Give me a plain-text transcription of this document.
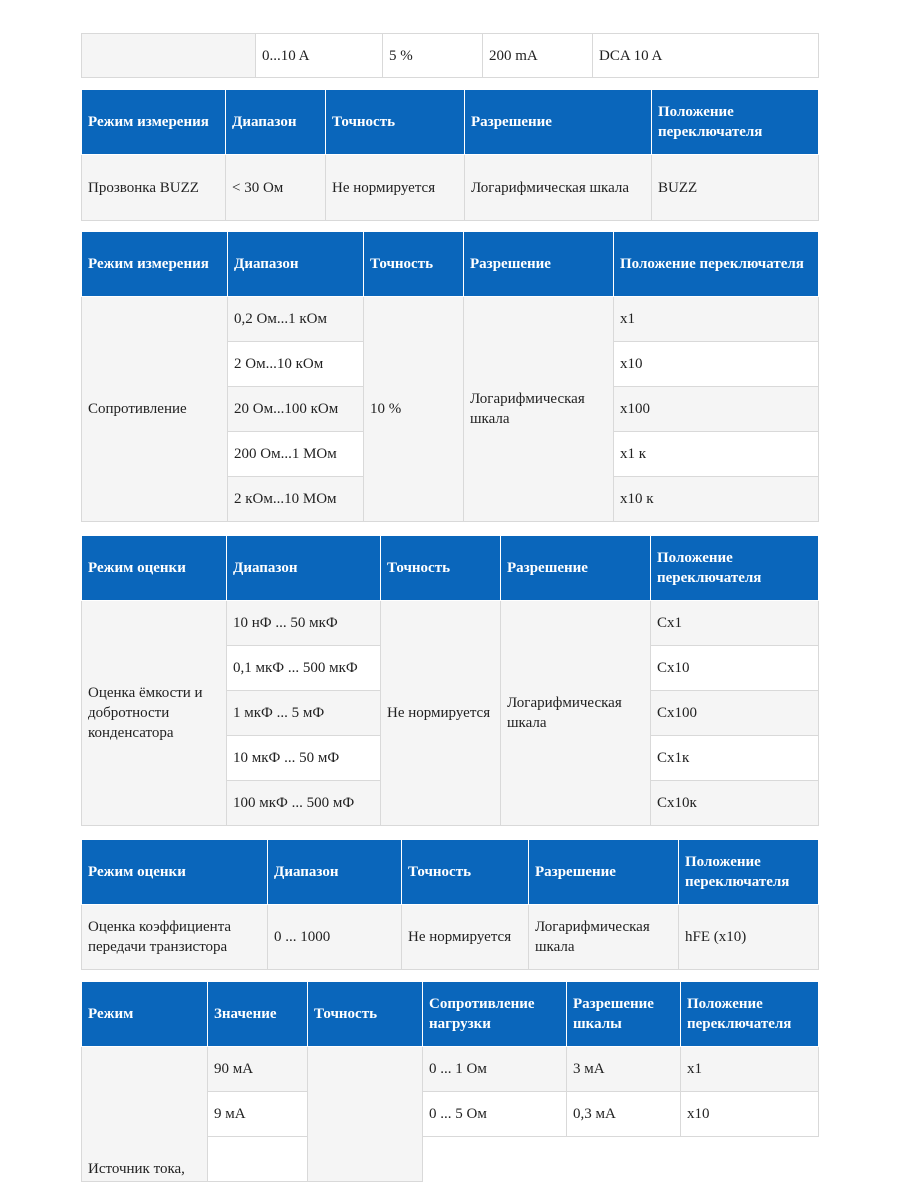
	0...10 A	5 %	200 mA	DCA 10 A
Режим измерения	Диапазон	Точность	Разрешение	Положение переключателя
Прозвонка BUZZ	< 30 Ом	Не нормируется	Логарифмическая шкала	BUZZ
Режим измерения	Диапазон	Точность	Разрешение	Положение переключателя
Сопротивление	0,2 Ом...1 кОм	10 %	Логарифмическая шкала	x1
	2 Ом...10 кОм			x10
	20 Ом...100 кОм			x100
	200 Ом...1 МОм			x1 к
	2 кОм...10 МОм			x10 к
Режим оценки	Диапазон	Точность	Разрешение	Положение переключателя
Оценка ёмкости и добротности конденсатора	10 нФ ... 50 мкФ	Не нормируется	Логарифмическая шкала	Cx1
	0,1 мкФ ... 500 мкФ			Cx10
	1 мкФ ... 5 мФ			Cx100
	10 мкФ ... 50 мФ			Cx1к
	100 мкФ ... 500 мФ			Cx10к
Режим оценки	Диапазон	Точность	Разрешение	Положение переключателя
Оценка коэффициента передачи транзистора	0 ... 1000	Не нормируется	Логарифмическая шкала	hFE (x10)
Режим	Значение	Точность	Сопротивление нагрузки	Разрешение шкалы	Положение переключателя
Источник тока,	90 мА		0 ... 1 Ом	3 мА	x1
	9 мА		0 ... 5 Ом	0,3 мА	x10
